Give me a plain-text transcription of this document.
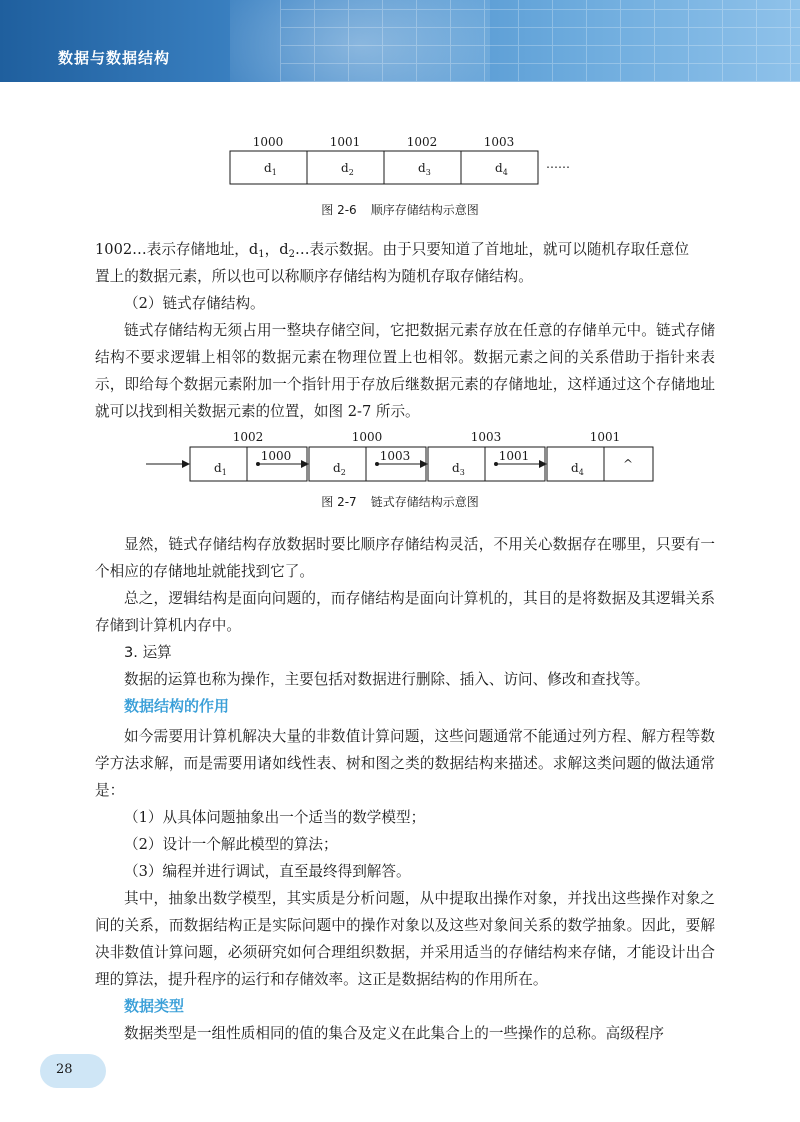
数据与数据结构
1000	1001	1002	1003
$d_1$	$d_2$	$d_3$	$d_4$
……
图 2-6 顺序存储结构示意图
1002…表示存储地址，$d_1$，$d_2\dots$表示数据。由于只要知道了首地址，就可以随机存取任意位
置上的数据元素，所以也可以称顺序存储结构为随机存取存储结构。
（2）链式存储结构。

链式存储结构无须占用一整块存储空间，它把数据元素存放在任意的存储单元中。链式存储结构不要求逻辑上相邻的数据元素在物理位置上也相邻。数据元素之间的关系借助于指针来表示，即给每个数据元素附加一个指针用于存放后继数据元素的存储地址，这样通过这个存储地址就可以找到相关数据元素的位置，如图 2-7 所示。

1002	1000	1003	1001
$d_1$	$d_2$	$d_3$	$d_4$
1000	1003	1001
^
图 2-7 链式存储结构示意图

显然，链式存储结构存放数据时要比顺序存储结构灵活，不用关心数据存在哪里，只要有一个相应的存储地址就能找到它了。

总之，逻辑结构是面向问题的，而存储结构是面向计算机的，其目的是将数据及其逻辑关系存储到计算机内存中。

3. 运算

数据的运算也称为操作，主要包括对数据进行删除、插入、访问、修改和查找等。

数据结构的作用

如今需要用计算机解决大量的非数值计算问题，这些问题通常不能通过列方程、解方程等数学方法求解，而是需要用诸如线性表、树和图之类的数据结构来描述。求解这类问题的做法通常是：

（1）从具体问题抽象出一个适当的数学模型；
（2）设计一个解此模型的算法；
（3）编程并进行调试，直至最终得到解答。

其中，抽象出数学模型，其实质是分析问题，从中提取出操作对象，并找出这些操作对象之间的关系，而数据结构正是实际问题中的操作对象以及这些对象间关系的数学抽象。因此，要解决非数值计算问题，必须研究如何合理组织数据，并采用适当的存储结构来存储，才能设计出合理的算法，提升程序的运行和存储效率。这正是数据结构的作用所在。

数据类型
数据类型是一组性质相同的值的集合及定义在此集合上的一些操作的总称。高级程序
28
